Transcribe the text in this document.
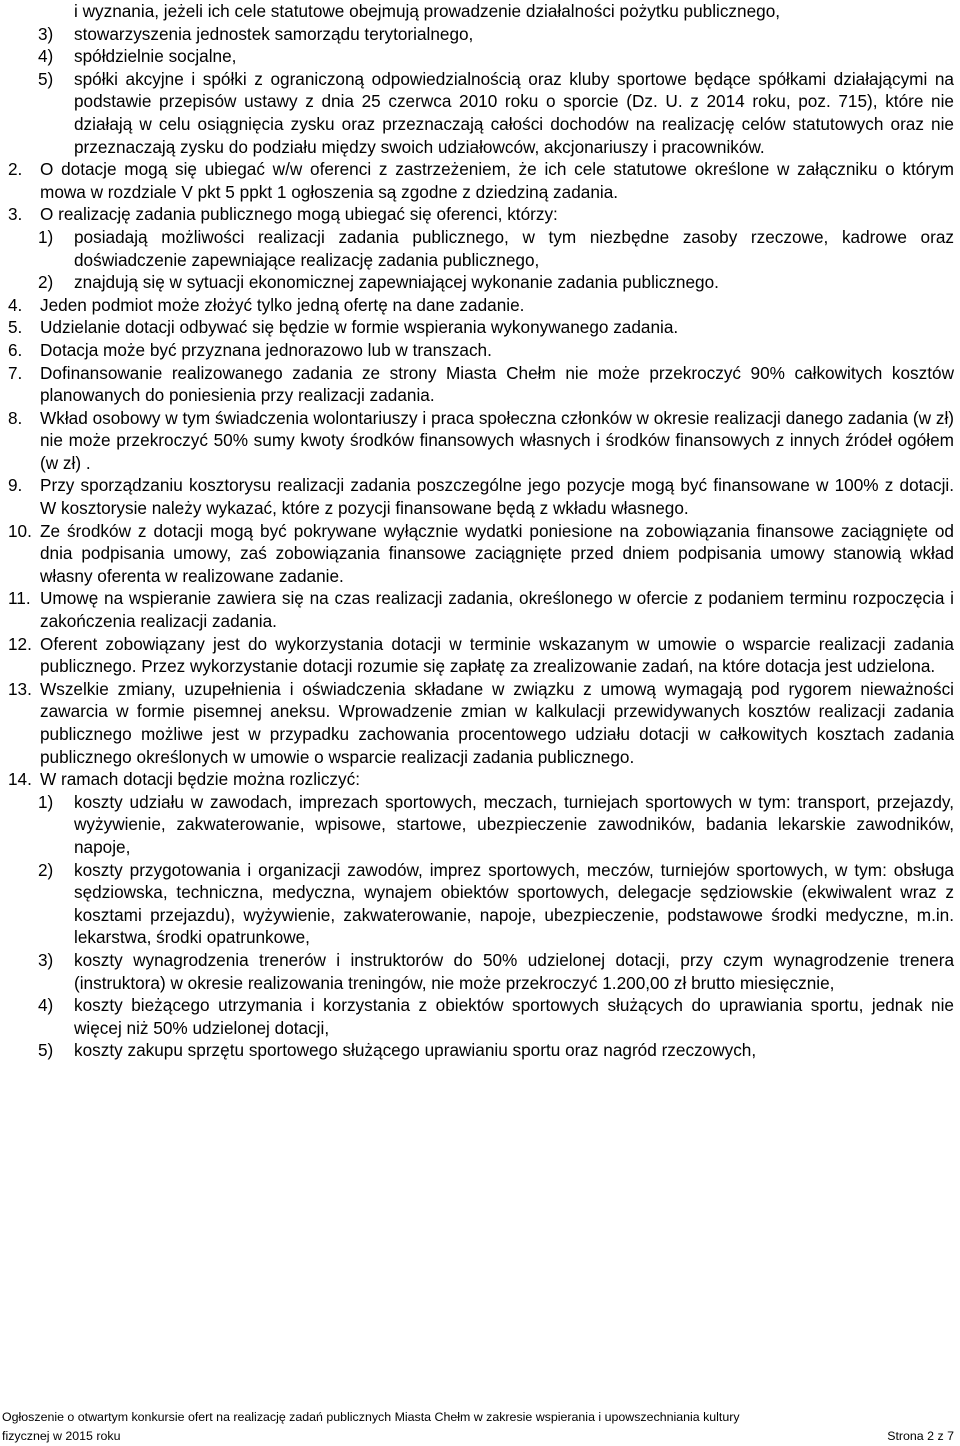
i wyznania, jeżeli ich cele statutowe obejmują prowadzenie działalności pożytku publicznego,
3)	stowarzyszenia jednostek samorządu terytorialnego,
4)	spółdzielnie socjalne,
5)	spółki akcyjne i spółki z ograniczoną odpowiedzialnością oraz kluby sportowe będące spółkami działającymi na podstawie przepisów ustawy z dnia 25 czerwca 2010 roku o sporcie (Dz. U. z 2014 roku, poz. 715), które nie działają w celu osiągnięcia zysku oraz przeznaczają całości dochodów na realizację celów statutowych oraz nie przeznaczają zysku do podziału między swoich udziałowców, akcjonariuszy i pracowników.
2.	O dotacje mogą się ubiegać w/w oferenci z zastrzeżeniem, że ich cele statutowe określone w załączniku o którym mowa w rozdziale V pkt 5 ppkt 1 ogłoszenia są zgodne z dziedziną zadania.
3.	O realizację zadania publicznego mogą ubiegać się oferenci, którzy:
1)	posiadają możliwości realizacji zadania publicznego, w tym niezbędne zasoby rzeczowe, kadrowe oraz doświadczenie zapewniające realizację zadania publicznego,
2)	znajdują się w sytuacji ekonomicznej zapewniającej wykonanie zadania publicznego.
4.	Jeden podmiot może złożyć tylko jedną ofertę na dane zadanie.
5.	Udzielanie dotacji odbywać się będzie w formie wspierania wykonywanego zadania.
6.	Dotacja może być przyznana jednorazowo lub w transzach.
7.	Dofinansowanie realizowanego zadania ze strony Miasta Chełm nie może przekroczyć 90% całkowitych kosztów planowanych do poniesienia przy realizacji zadania.
8.	Wkład osobowy w tym świadczenia wolontariuszy i praca społeczna członków w okresie realizacji danego zadania (w zł) nie może przekroczyć 50% sumy kwoty środków finansowych własnych i środków finansowych z innych źródeł ogółem (w zł) .
9.	Przy sporządzaniu kosztorysu realizacji zadania poszczególne jego pozycje mogą być finansowane w 100% z dotacji. W kosztorysie należy wykazać, które z pozycji finansowane będą z wkładu własnego.
10. Ze środków z dotacji mogą być pokrywane wyłącznie wydatki poniesione na zobowiązania finansowe zaciągnięte od dnia podpisania umowy, zaś zobowiązania finansowe zaciągnięte przed dniem podpisania umowy stanowią wkład własny oferenta w realizowane zadanie.
11. Umowę na wspieranie zawiera się na czas realizacji zadania, określonego w ofercie z podaniem terminu rozpoczęcia i zakończenia realizacji zadania.
12. Oferent zobowiązany jest do wykorzystania dotacji w terminie wskazanym w umowie o wsparcie realizacji zadania publicznego. Przez wykorzystanie dotacji rozumie się zapłatę za zrealizowanie zadań, na które dotacja jest udzielona.
13. Wszelkie zmiany, uzupełnienia i oświadczenia składane w związku z umową wymagają pod rygorem nieważności zawarcia w formie pisemnej aneksu. Wprowadzenie zmian w kalkulacji przewidywanych kosztów realizacji zadania publicznego możliwe jest w przypadku zachowania procentowego udziału dotacji w całkowitych kosztach zadania publicznego określonych w umowie o wsparcie realizacji zadania publicznego.
14. W ramach dotacji będzie można rozliczyć:
1)	koszty udziału w zawodach, imprezach sportowych, meczach, turniejach sportowych w tym: transport, przejazdy, wyżywienie, zakwaterowanie, wpisowe, startowe, ubezpieczenie zawodników, badania lekarskie zawodników, napoje,
2)	koszty przygotowania i organizacji zawodów, imprez sportowych, meczów, turniejów sportowych, w tym: obsługa sędziowska, techniczna, medyczna, wynajem obiektów sportowych, delegacje sędziowskie (ekwiwalent wraz z kosztami przejazdu), wyżywienie, zakwaterowanie, napoje, ubezpieczenie, podstawowe środki medyczne, m.in. lekarstwa, środki opatrunkowe,
3)	koszty wynagrodzenia trenerów i instruktorów do 50% udzielonej dotacji, przy czym wynagrodzenie trenera (instruktora) w okresie realizowania treningów, nie może przekroczyć 1.200,00 zł brutto miesięcznie,
4)	koszty bieżącego utrzymania i korzystania z obiektów sportowych służących do uprawiania sportu, jednak nie więcej niż 50% udzielonej dotacji,
5)	koszty zakupu sprzętu sportowego służącego uprawianiu sportu oraz nagród rzeczowych,
Ogłoszenie o otwartym konkursie ofert na realizację zadań publicznych Miasta Chełm w zakresie wspierania i upowszechniania kultury
fizycznej w 2015 roku	Strona 2 z 7
